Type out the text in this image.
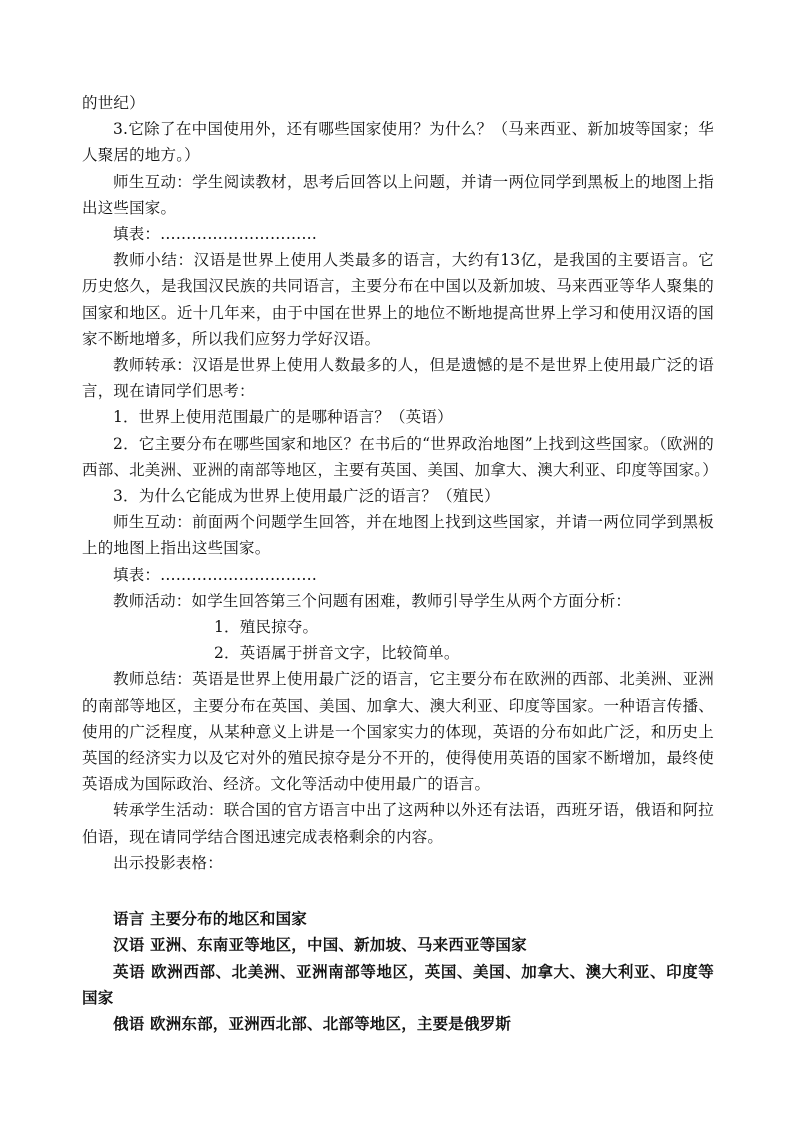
的世纪）

3.它除了在中国使用外，还有哪些国家使用？为什么？（马来西亚、新加坡等国家；华人聚居的地方。）

师生互动：学生阅读教材，思考后回答以上问题，并请一两位同学到黑板上的地图上指出这些国家。

填表：…………………………

教师小结：汉语是世界上使用人类最多的语言，大约有13亿，是我国的主要语言。它历史悠久，是我国汉民族的共同语言，主要分布在中国以及新加坡、马来西亚等华人聚集的国家和地区。近十几年来，由于中国在世界上的地位不断地提高世界上学习和使用汉语的国家不断地增多，所以我们应努力学好汉语。

教师转承：汉语是世界上使用人数最多的人，但是遗憾的是不是世界上使用最广泛的语言，现在请同学们思考：

1．世界上使用范围最广的是哪种语言？（英语）

2．它主要分布在哪些国家和地区？在书后的“世界政治地图”上找到这些国家。（欧洲的西部、北美洲、亚洲的南部等地区，主要有英国、美国、加拿大、澳大利亚、印度等国家。）

3．为什么它能成为世界上使用最广泛的语言？（殖民）

师生互动：前面两个问题学生回答，并在地图上找到这些国家，并请一两位同学到黑板上的地图上指出这些国家。

填表：…………………………

教师活动：如学生回答第三个问题有困难，教师引导学生从两个方面分析：

1．殖民掠夺。

2．英语属于拼音文字，比较简单。

教师总结：英语是世界上使用最广泛的语言，它主要分布在欧洲的西部、北美洲、亚洲的南部等地区，主要分布在英国、美国、加拿大、澳大利亚、印度等国家。一种语言传播、使用的广泛程度，从某种意义上讲是一个国家实力的体现，英语的分布如此广泛，和历史上英国的经济实力以及它对外的殖民掠夺是分不开的，使得使用英语的国家不断增加，最终使英语成为国际政治、经济。文化等活动中使用最广的语言。

转承学生活动：联合国的官方语言中出了这两种以外还有法语，西班牙语，俄语和阿拉伯语，现在请同学结合图迅速完成表格剩余的内容。

出示投影表格：

语言 主要分布的地区和国家

汉语 亚洲、东南亚等地区，中国、新加坡、马来西亚等国家

英语 欧洲西部、北美洲、亚洲南部等地区，英国、美国、加拿大、澳大利亚、印度等国家

俄语 欧洲东部，亚洲西北部、北部等地区，主要是俄罗斯
